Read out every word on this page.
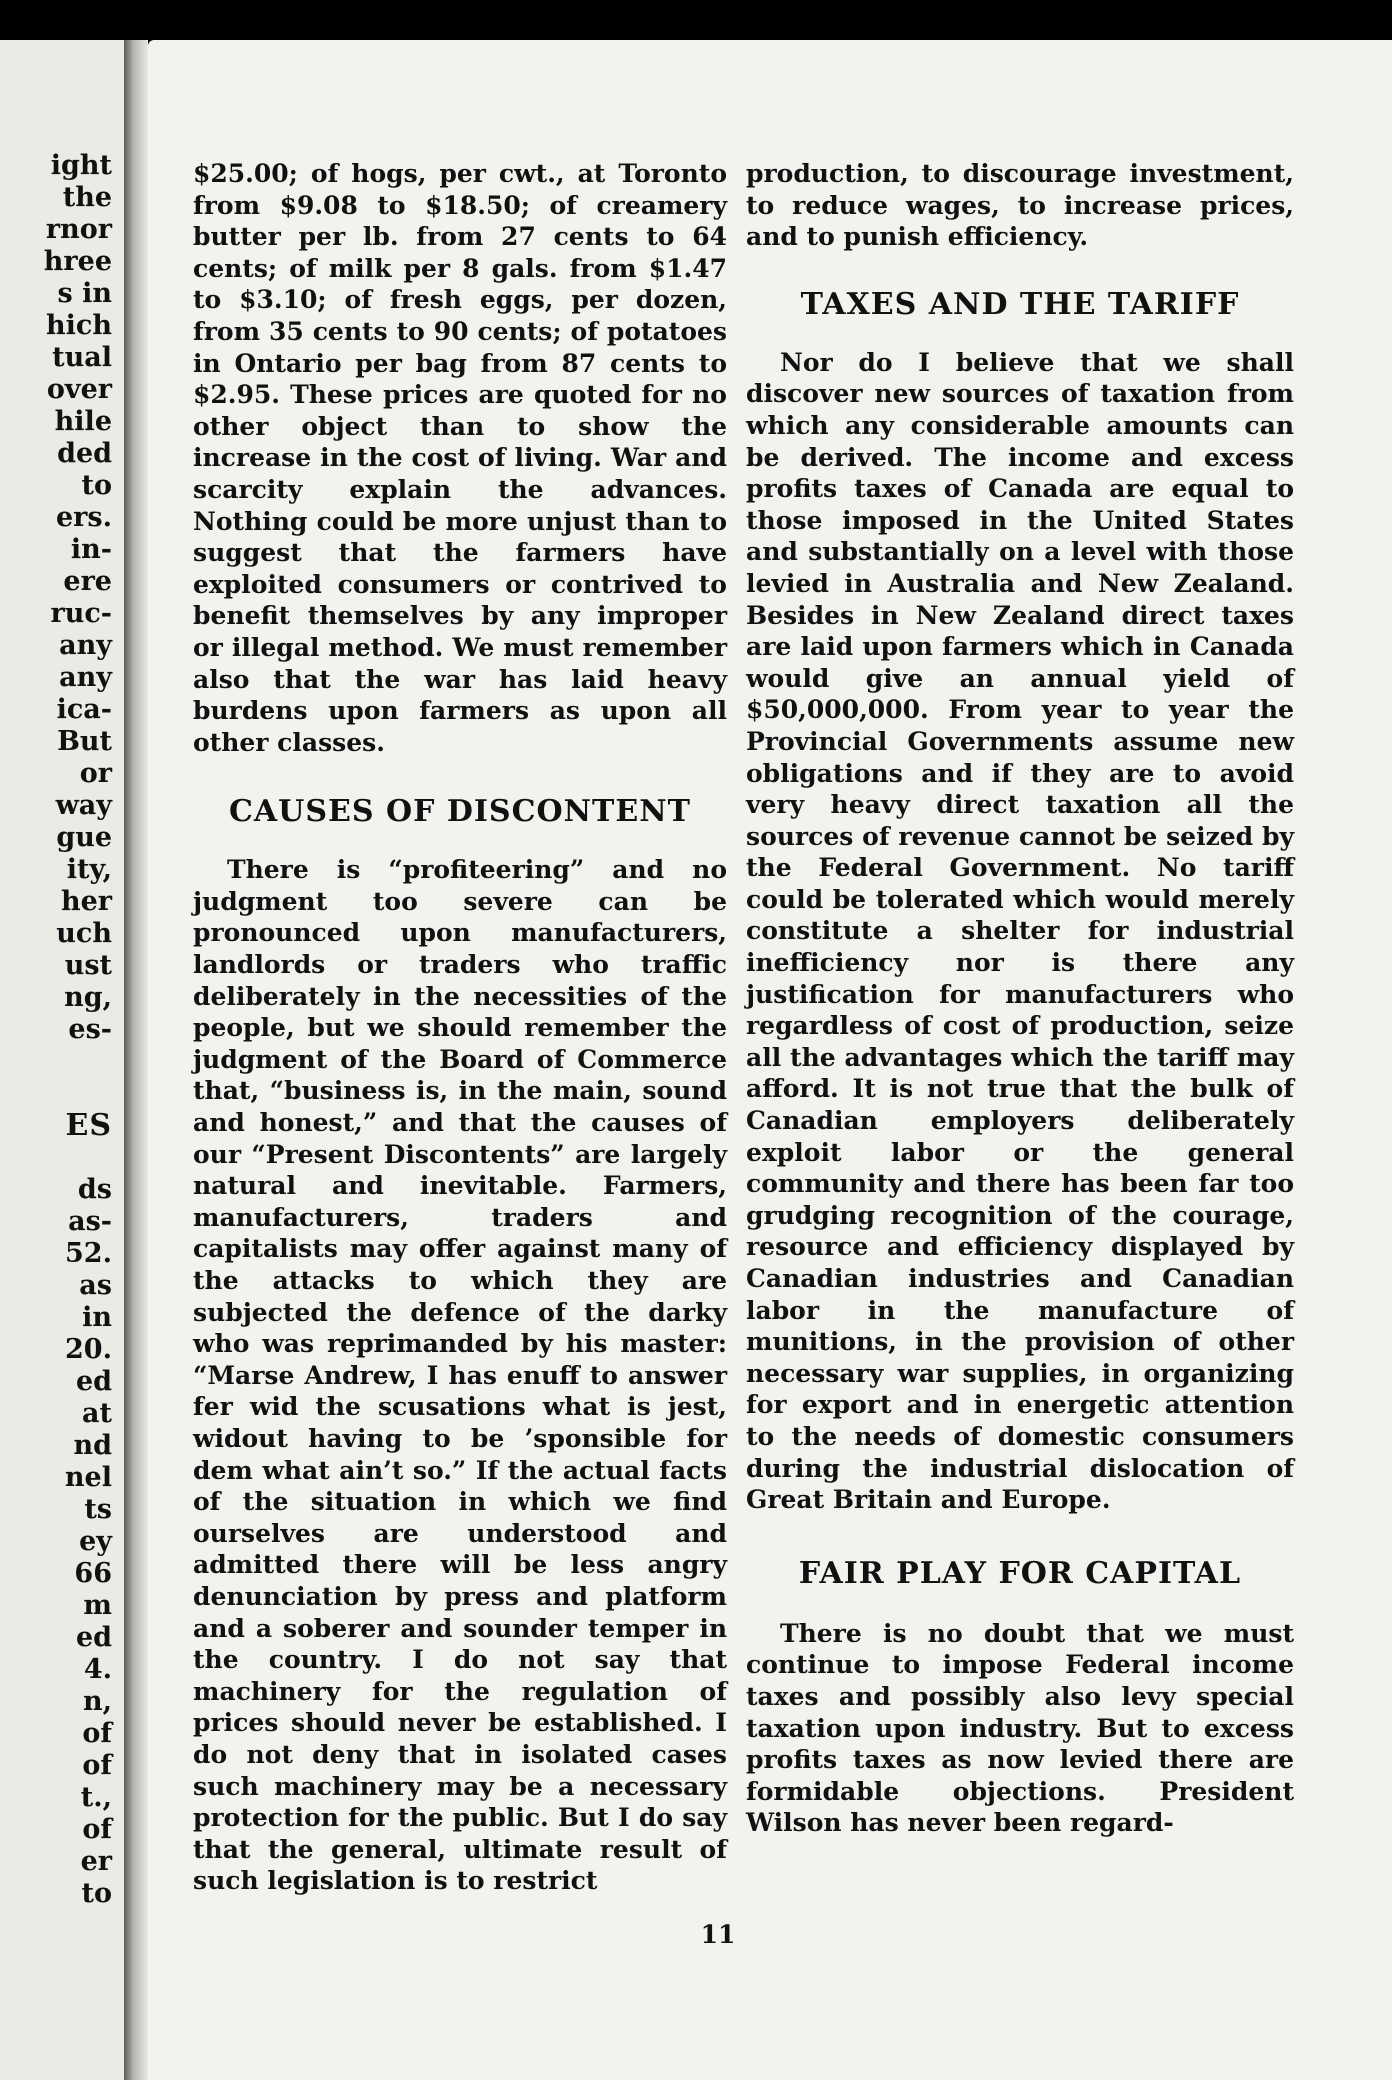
ight
the
rnor
hree
s in
hich
tual
over
hile
ded
to
ers.
in-
ere
ruc-
any
any
ica-
But
or
way
gue
ity,
her
uch
ust
ng,
es-
ES
ds
as-
52.
as
in
20.
ed
at
nd
nel
ts
ey
66
m
ed
4.
n,
of
of
t.,
of
er
to

$25.00; of hogs, per cwt., at Toronto from $9.08 to $18.50; of creamery butter per lb. from 27 cents to 64 cents; of milk per 8 gals. from $1.47 to $3.10; of fresh eggs, per dozen, from 35 cents to 90 cents; of potatoes in Ontario per bag from 87 cents to $2.95. These prices are quoted for no other object than to show the increase in the cost of living. War and scarcity explain the advances. Nothing could be more unjust than to suggest that the farmers have exploited consumers or contrived to benefit themselves by any improper or illegal method. We must remember also that the war has laid heavy burdens upon farmers as upon all other classes.

CAUSES OF DISCONTENT

There is “profiteering” and no judgment too severe can be pronounced upon manufacturers, landlords or traders who traffic deliberately in the necessities of the people, but we should remember the judgment of the Board of Commerce that, “business is, in the main, sound and honest,” and that the causes of our “Present Discontents” are largely natural and inevitable. Farmers, manufacturers, traders and capitalists may offer against many of the attacks to which they are subjected the defence of the darky who was reprimanded by his master: “Marse Andrew, I has enuff to answer fer wid the scusations what is jest, widout having to be ’sponsible for dem what ain’t so.” If the actual facts of the situation in which we find ourselves are understood and admitted there will be less angry denunciation by press and platform and a soberer and sounder temper in the country. I do not say that machinery for the regulation of prices should never be established. I do not deny that in isolated cases such machinery may be a necessary protection for the public. But I do say that the general, ultimate result of such legislation is to restrict

production, to discourage investment, to reduce wages, to increase prices, and to punish efficiency.

TAXES AND THE TARIFF

Nor do I believe that we shall discover new sources of taxation from which any considerable amounts can be derived. The income and excess profits taxes of Canada are equal to those imposed in the United States and substantially on a level with those levied in Australia and New Zealand. Besides in New Zealand direct taxes are laid upon farmers which in Canada would give an annual yield of $50,000,000. From year to year the Provincial Governments assume new obligations and if they are to avoid very heavy direct taxation all the sources of revenue cannot be seized by the Federal Government. No tariff could be tolerated which would merely constitute a shelter for industrial inefficiency nor is there any justification for manufacturers who regardless of cost of production, seize all the advantages which the tariff may afford. It is not true that the bulk of Canadian employers deliberately exploit labor or the general community and there has been far too grudging recognition of the courage, resource and efficiency displayed by Canadian industries and Canadian labor in the manufacture of munitions, in the provision of other necessary war supplies, in organizing for export and in energetic attention to the needs of domestic consumers during the industrial dislocation of Great Britain and Europe.

FAIR PLAY FOR CAPITAL

There is no doubt that we must continue to impose Federal income taxes and possibly also levy special taxation upon industry. But to excess profits taxes as now levied there are formidable objections. President Wilson has never been regard-

11
